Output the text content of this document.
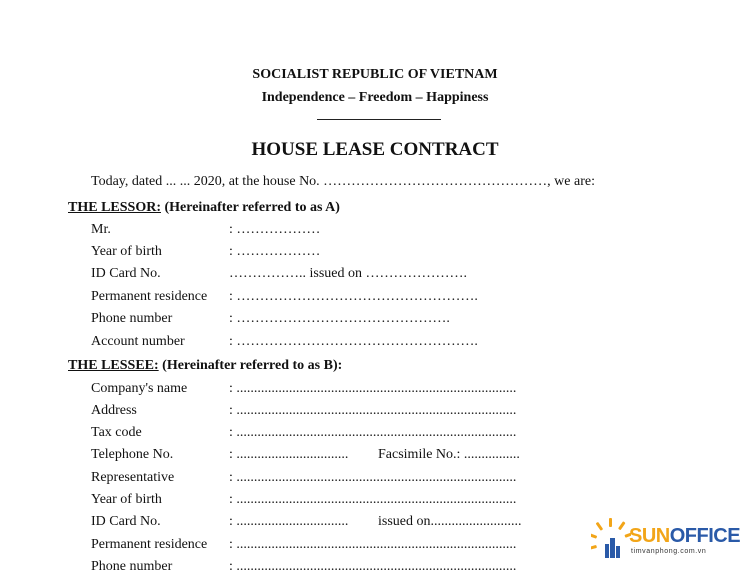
SOCIALIST REPUBLIC OF VIETNAM
Independence – Freedom – Happiness
HOUSE LEASE CONTRACT
Today, dated ... ... 2020, at the house No. …………………………………………, we are:
THE LESSOR: (Hereinafter referred to as A)
Mr.	: ………………
Year of birth	: ………………
ID Card No.	…………….. issued on ………………….
Permanent residence : …………………………………………….
Phone number	: ……………………………………….
Account number	: …………………………………………….
THE LESSEE: (Hereinafter referred to as B):
Company's name	: ................................................................................
Address	: ................................................................................
Tax code	: ................................................................................
Telephone No.	: ................................ Facsimile No.: ................
Representative	: ................................................................................
Year of birth	: ................................................................................
ID Card No.	: ................................ issued on..........................
Permanent residence : ................................................................................
Phone number	: ................................................................................
SUNOFFICE
timvanphong.com.vn
